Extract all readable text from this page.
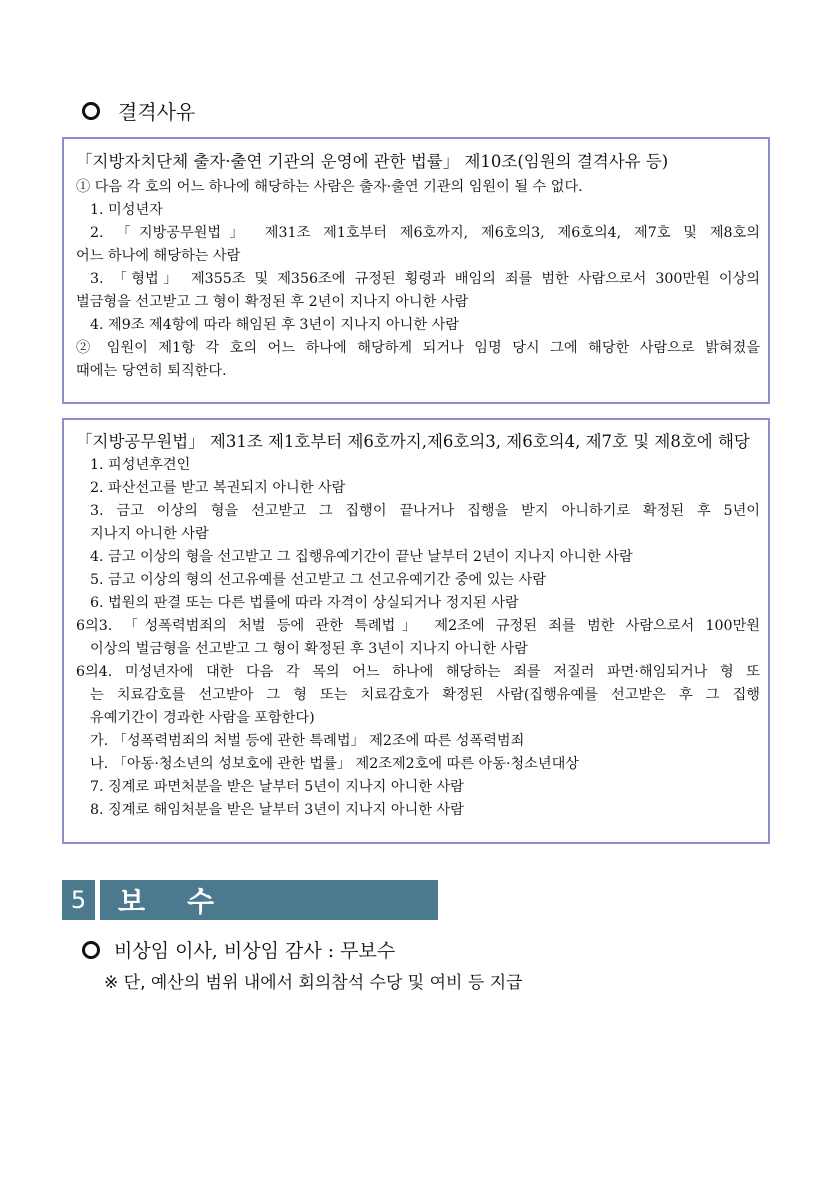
결격사유
「지방자치단체 출자·출연 기관의 운영에 관한 법률」 제10조(임원의 결격사유 등)
① 다음 각 호의 어느 하나에 해당하는 사람은 출자·출연 기관의 임원이 될 수 없다.
1. 미성년자
2. 「지방공무원법」 제31조 제1호부터 제6호까지, 제6호의3, 제6호의4, 제7호 및 제8호의
어느 하나에 해당하는 사람
3. 「형법」 제355조 및 제356조에 규정된 횡령과 배임의 죄를 범한 사람으로서 300만원 이상의
벌금형을 선고받고 그 형이 확정된 후 2년이 지나지 아니한 사람
4. 제9조 제4항에 따라 해임된 후 3년이 지나지 아니한 사람
② 임원이 제1항 각 호의 어느 하나에 해당하게 되거나 임명 당시 그에 해당한 사람으로 밝혀졌을
때에는 당연히 퇴직한다.
「지방공무원법」 제31조 제1호부터 제6호까지,제6호의3, 제6호의4, 제7호 및 제8호에 해당
1. 피성년후견인
2. 파산선고를 받고 복권되지 아니한 사람
3. 금고 이상의 형을 선고받고 그 집행이 끝나거나 집행을 받지 아니하기로 확정된 후 5년이
지나지 아니한 사람
4. 금고 이상의 형을 선고받고 그 집행유예기간이 끝난 날부터 2년이 지나지 아니한 사람
5. 금고 이상의 형의 선고유예를 선고받고 그 선고유예기간 중에 있는 사람
6. 법원의 판결 또는 다른 법률에 따라 자격이 상실되거나 정지된 사람
6의3. 「성폭력범죄의 처벌 등에 관한 특례법」 제2조에 규정된 죄를 범한 사람으로서 100만원
이상의 벌금형을 선고받고 그 형이 확정된 후 3년이 지나지 아니한 사람
6의4. 미성년자에 대한 다음 각 목의 어느 하나에 해당하는 죄를 저질러 파면·해임되거나 형 또
는 치료감호를 선고받아 그 형 또는 치료감호가 확정된 사람(집행유예를 선고받은 후 그 집행
유예기간이 경과한 사람을 포함한다)
가. 「성폭력범죄의 처벌 등에 관한 특례법」 제2조에 따른 성폭력범죄
나. 「아동·청소년의 성보호에 관한 법률」 제2조제2호에 따른 아동·청소년대상
7. 징계로 파면처분을 받은 날부터 5년이 지나지 아니한 사람
8. 징계로 해임처분을 받은 날부터 3년이 지나지 아니한 사람
5	보수
비상임 이사, 비상임 감사 : 무보수
※ 단, 예산의 범위 내에서 회의참석 수당 및 여비 등 지급
